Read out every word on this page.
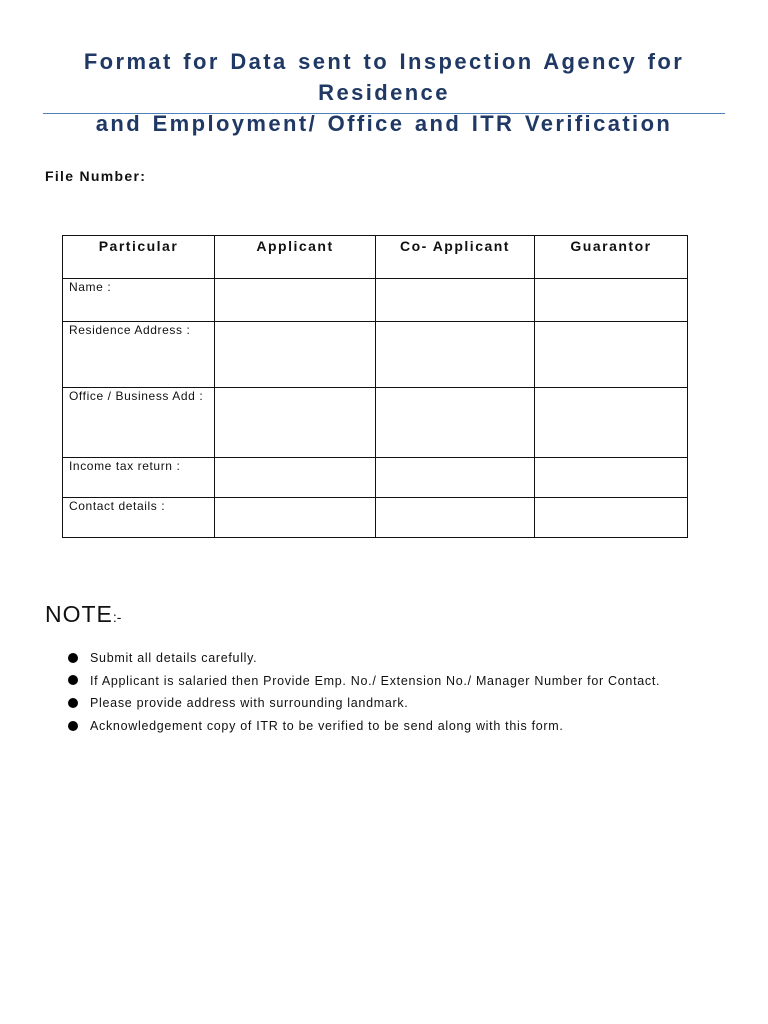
Format for Data sent to Inspection Agency for Residence
and Employment/ Office and ITR Verification
File Number:
Particular	Applicant	Co- Applicant	Guarantor
Name :			
Residence Address :			
Office / Business Add :			
Income tax return :			
Contact details :			
NOTE:-
Submit all details carefully.
If Applicant is salaried then Provide Emp. No./ Extension No./ Manager Number for Contact.
Please provide address with surrounding landmark.
Acknowledgement copy of ITR to be verified to be send along with this form.
